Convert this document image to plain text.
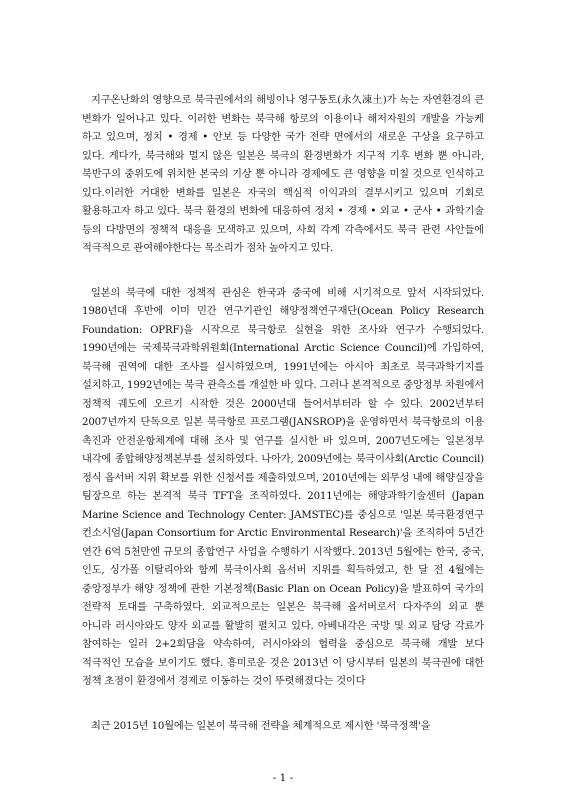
지구온난화의 영향으로 북극권에서의 해빙이나 영구동토(永久凍土)가 녹는 자연환경의 큰 변화가 일어나고 있다. 이러한 변화는 북극해 항로의 이용이나 해저자원의 개발을 가능케 하고 있으며, 정치 • 경제 • 안보 등 다양한 국가 전략 면에서의 새로운 구상을 요구하고 있다. 게다가, 북극해와 멀지 않은 일본은 북극의 환경변화가 지구적 기후 변화 뿐 아니라, 북반구의 중위도에 위치한 본국의 기상 뿐 아니라 경제에도 큰 영향을 미칠 것으로 인식하고 있다.이러한 거대한 변화를 일본은 자국의 핵심적 이익과의 결부시키고 있으며 기회로 활용하고자 하고 있다. 북극 환경의 변화에 대응하여 정치 • 경제 • 외교 • 군사 • 과학기술 등의 다방면의 정책적 대응을 모색하고 있으며, 사회 각계 각측에서도 북극 관련 사안들에 적극적으로 관여해야한다는 목소리가 점차 높아지고 있다.

일본의 북극에 대한 정책적 관심은 한국과 중국에 비해 시기적으로 앞서 시작되었다. 1980년대 후반에 이미 민간 연구기관인 해양정책연구재단(Ocean Policy Research Foundation: OPRF)을 시작으로 북극항로 실현을 위한 조사와 연구가 수행되었다. 1990년에는 국제북극과학위원회(International Arctic Science Council)에 가입하여, 북극해 권역에 대한 조사를 실시하였으며, 1991년에는 아시아 최초로 북극과학기지를 설치하고, 1992년에는 북극 관측소를 개설한 바 있다. 그러나 본격적으로 중앙정부 차원에서 정책적 궤도에 오르기 시작한 것은 2000년대 들어서부터라 할 수 있다. 2002년부터 2007년까지 단독으로 일본 북극항로 프로그램(JANSROP)을 운영하면서 북극항로의 이용 촉진과 안전운항체계에 대해 조사 및 연구를 실시한 바 있으며, 2007년도에는 일본정부 내각에 종합해양정책본부를 설치하였다. 나아가, 2009년에는 북극이사회(Arctic Council) 정식 옵서버 지위 확보를 위한 신청서를 제출하였으며, 2010년에는 외무성 내에 해양실장을 팀장으로 하는 본격적 북극 TFT을 조직하였다. 2011년에는 해양과학기술센터 (Japan Marine Science and Technology Center: JAMSTEC)를 중심으로 '일본 북극환경연구 컨소시엄(Japan Consortium for Arctic Environmental Research)'을 조직하여 5년간 연간 6억 5천만엔 규모의 종합연구 사업을 수행하기 시작했다. 2013년 5월에는 한국, 중국, 인도, 싱가폴 이탈리아와 함께 북극이사회 옵서버 지위를 획득하였고, 한 달 전 4월에는 중앙정부가 해양 정책에 관한 기본정책(Basic Plan on Ocean Policy)을 발표하여 국가의 전략적 토대를 구축하였다. 외교적으로는 일본은 북극해 옵서버로서 다자주의 외교 뿐 아니라 러시아와도 양자 외교를 활발히 펼치고 있다. 아베내각은 국방 및 외교 담당 각료가 참여하는 일러 2+2회담을 약속하여, 러시아와의 협력을 중심으로 북극해 개발 보다 적극적인 모습을 보이기도 했다. 흥미로운 것은 2013년 이 당시부터 일본의 북극권에 대한 정책 초점이 환경에서 경제로 이동하는 것이 뚜렷해졌다는 것이다

최근 2015년 10월에는 일본이 북극해 전략을 체계적으로 제시한 '북극정책'을

- 1 -
